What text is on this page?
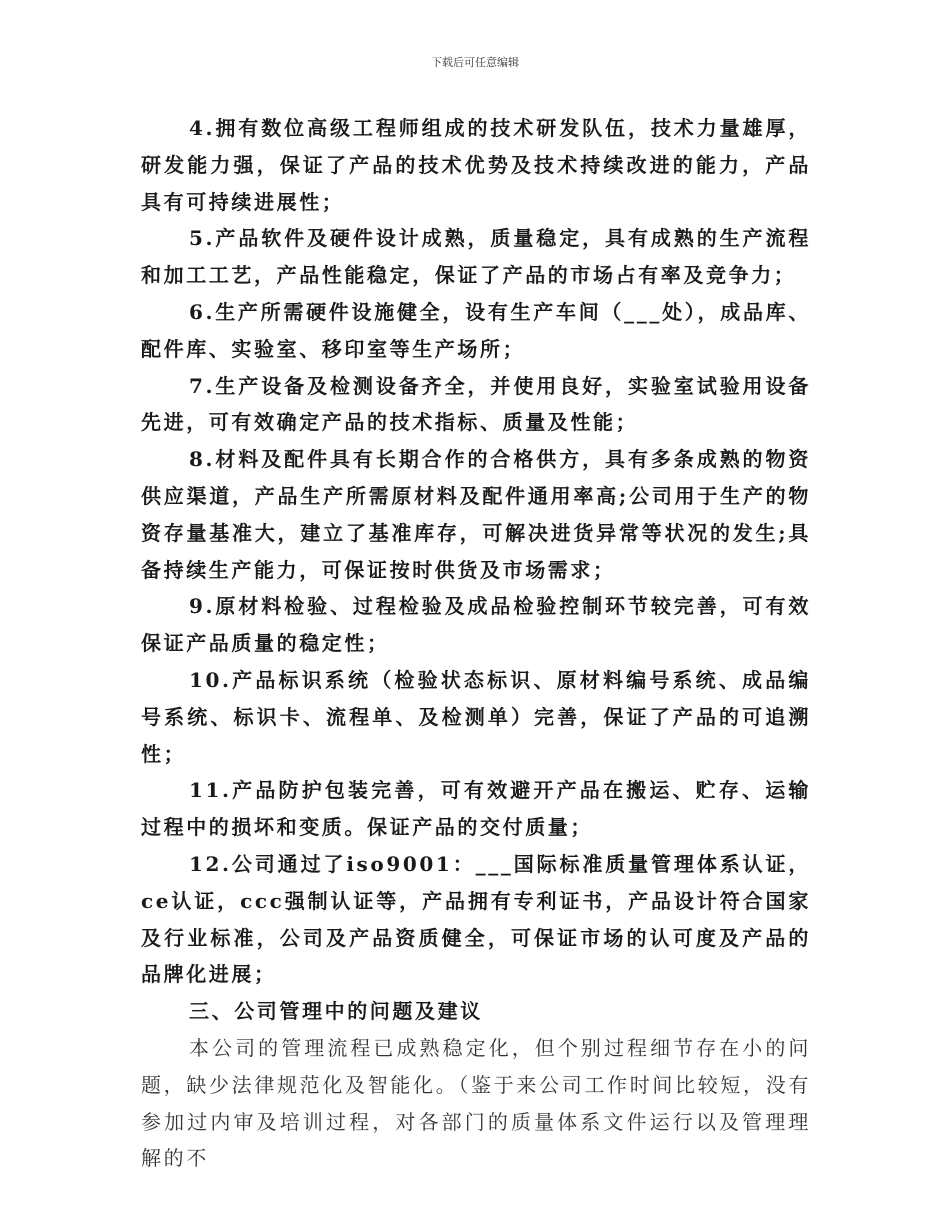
下载后可任意编辑

4.拥有数位高级工程师组成的技术研发队伍，技术力量雄厚，研发能力强，保证了产品的技术优势及技术持续改进的能力，产品具有可持续进展性；

5.产品软件及硬件设计成熟，质量稳定，具有成熟的生产流程和加工工艺，产品性能稳定，保证了产品的市场占有率及竞争力；

6.生产所需硬件设施健全，设有生产车间（___处），成品库、配件库、实验室、移印室等生产场所；

7.生产设备及检测设备齐全，并使用良好，实验室试验用设备先进，可有效确定产品的技术指标、质量及性能；

8.材料及配件具有长期合作的合格供方，具有多条成熟的物资供应渠道，产品生产所需原材料及配件通用率高;公司用于生产的物资存量基准大，建立了基准库存，可解决进货异常等状况的发生;具备持续生产能力，可保证按时供货及市场需求；

9.原材料检验、过程检验及成品检验控制环节较完善，可有效保证产品质量的稳定性；

10.产品标识系统（检验状态标识、原材料编号系统、成品编号系统、标识卡、流程单、及检测单）完善，保证了产品的可追溯性；

11.产品防护包装完善，可有效避开产品在搬运、贮存、运输过程中的损坏和变质。保证产品的交付质量；

12.公司通过了iso9001：___国际标准质量管理体系认证，ce认证，ccc强制认证等，产品拥有专利证书，产品设计符合国家及行业标准，公司及产品资质健全，可保证市场的认可度及产品的品牌化进展；

三、公司管理中的问题及建议

本公司的管理流程已成熟稳定化，但个别过程细节存在小的问题，缺少法律规范化及智能化。（鉴于来公司工作时间比较短，没有参加过内审及培训过程，对各部门的质量体系文件运行以及管理理解的不
